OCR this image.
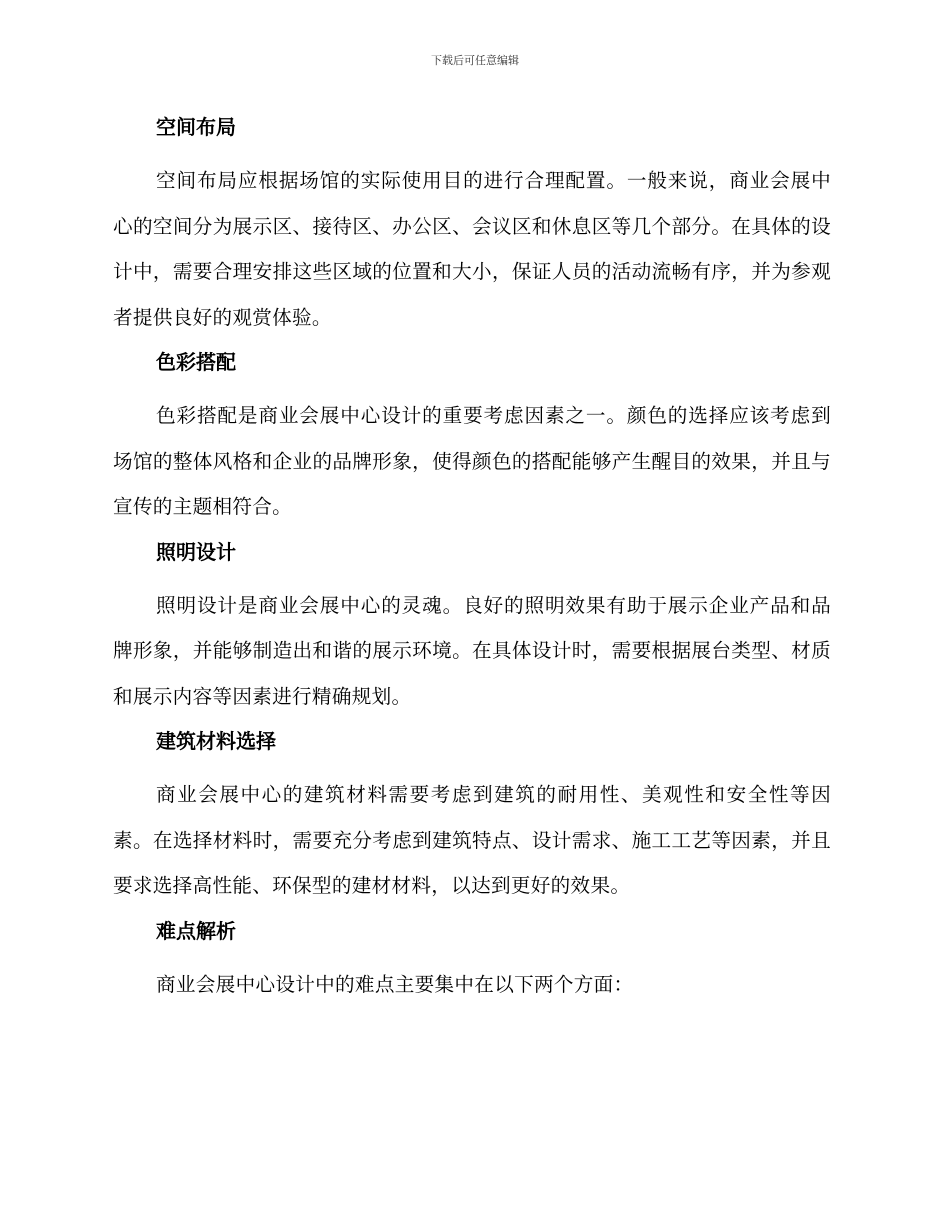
下载后可任意编辑
空间布局

空间布局应根据场馆的实际使用目的进行合理配置。一般来说，商业会展中心的空间分为展示区、接待区、办公区、会议区和休息区等几个部分。在具体的设计中，需要合理安排这些区域的位置和大小，保证人员的活动流畅有序，并为参观者提供良好的观赏体验。

色彩搭配

色彩搭配是商业会展中心设计的重要考虑因素之一。颜色的选择应该考虑到场馆的整体风格和企业的品牌形象，使得颜色的搭配能够产生醒目的效果，并且与宣传的主题相符合。

照明设计

照明设计是商业会展中心的灵魂。良好的照明效果有助于展示企业产品和品牌形象，并能够制造出和谐的展示环境。在具体设计时，需要根据展台类型、材质和展示内容等因素进行精确规划。

建筑材料选择

商业会展中心的建筑材料需要考虑到建筑的耐用性、美观性和安全性等因素。在选择材料时，需要充分考虑到建筑特点、设计需求、施工工艺等因素，并且要求选择高性能、环保型的建材材料，以达到更好的效果。

难点解析

商业会展中心设计中的难点主要集中在以下两个方面：
